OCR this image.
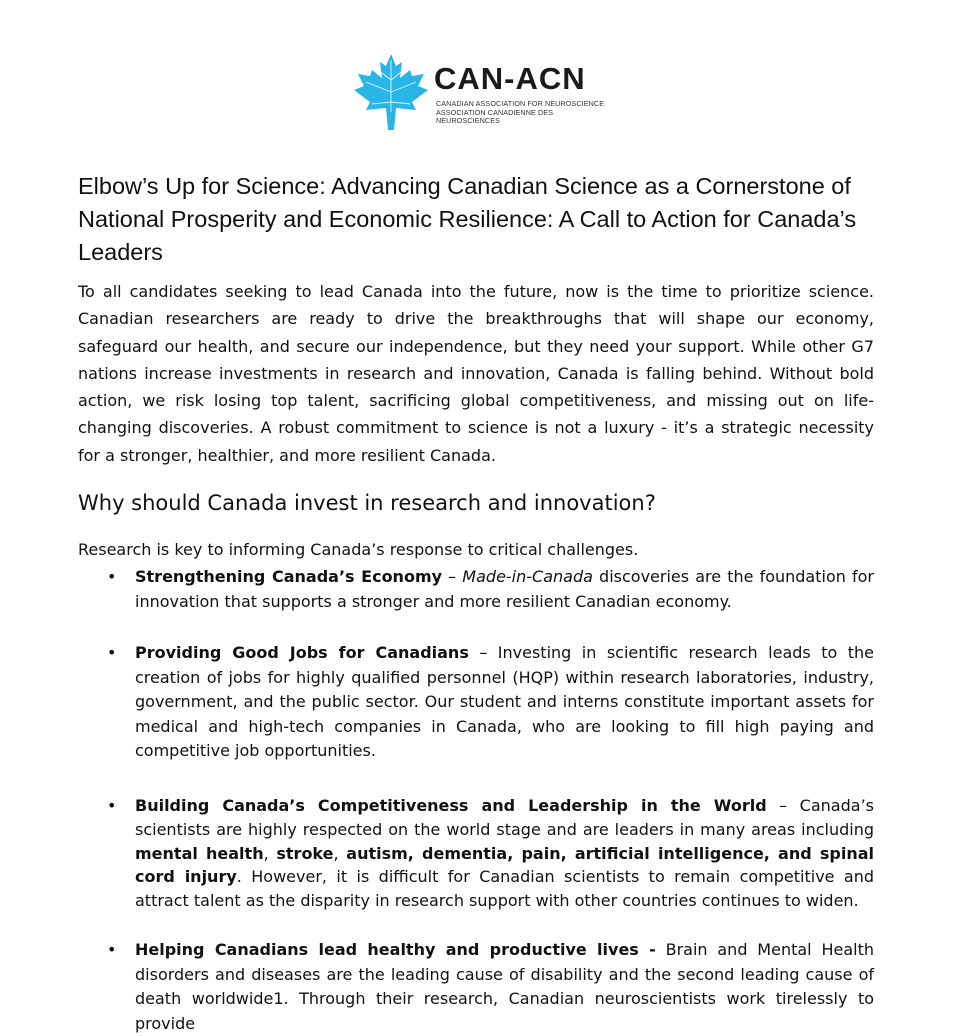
CAN-ACN
CANADIAN ASSOCIATION FOR NEUROSCIENCE
ASSOCIATION CANADIENNE DES NEUROSCIENCES
Elbow’s Up for Science: Advancing Canadian Science as a Cornerstone of National Prosperity and Economic Resilience: A Call to Action for Canada’s Leaders

To all candidates seeking to lead Canada into the future, now is the time to prioritize science. Canadian researchers are ready to drive the breakthroughs that will shape our economy, safeguard our health, and secure our independence, but they need your support. While other G7 nations increase investments in research and innovation, Canada is falling behind. Without bold action, we risk losing top talent, sacrificing global competitiveness, and missing out on life-changing discoveries. A robust commitment to science is not a luxury - it’s a strategic necessity for a stronger, healthier, and more resilient Canada.

Why should Canada invest in research and innovation?

Research is key to informing Canada’s response to critical challenges.

• Strengthening Canada’s Economy – Made-in-Canada discoveries are the foundation for innovation that supports a stronger and more resilient Canadian economy.

• Providing Good Jobs for Canadians – Investing in scientific research leads to the creation of jobs for highly qualified personnel (HQP) within research laboratories, industry, government, and the public sector. Our student and interns constitute important assets for medical and high-tech companies in Canada, who are looking to fill high paying and competitive job opportunities.

• Building Canada’s Competitiveness and Leadership in the World – Canada’s scientists are highly respected on the world stage and are leaders in many areas including mental health, stroke, autism, dementia, pain, artificial intelligence, and spinal cord injury. However, it is difficult for Canadian scientists to remain competitive and attract talent as the disparity in research support with other countries continues to widen.

• Helping Canadians lead healthy and productive lives - Brain and Mental Health disorders and diseases are the leading cause of disability and the second leading cause of death worldwide1. Through their research, Canadian neuroscientists work tirelessly to provide
